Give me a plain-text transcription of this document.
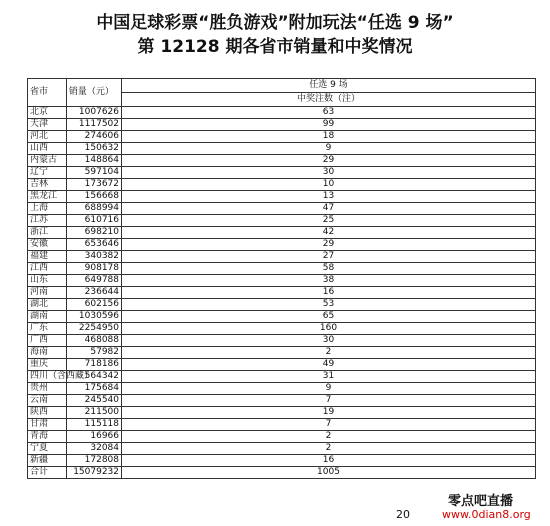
中国足球彩票“胜负游戏”附加玩法“任选 9 场”
第 12128 期各省市销量和中奖情况
省市	销量（元）	任选 9 场
		中奖注数（注）
北京	1007626	63
天津	1117502	99
河北	274606	18
山西	150632	9
内蒙古	148864	29
辽宁	597104	30
吉林	173672	10
黑龙江	156668	13
上海	688994	47
江苏	610716	25
浙江	698210	42
安徽	653646	29
福建	340382	27
江西	908178	58
山东	649788	38
河南	236644	16
湖北	602156	53
湖南	1030596	65
广东	2254950	160
广西	468088	30
海南	57982	2
重庆	718186	49
四川（含西藏）	564342	31
贵州	175684	9
云南	245540	7
陕西	211500	19
甘肃	115118	7
青海	16966	2
宁夏	32084	2
新疆	172808	16
合计	15079232	1005
20
零点吧直播
www.0dian8.org
